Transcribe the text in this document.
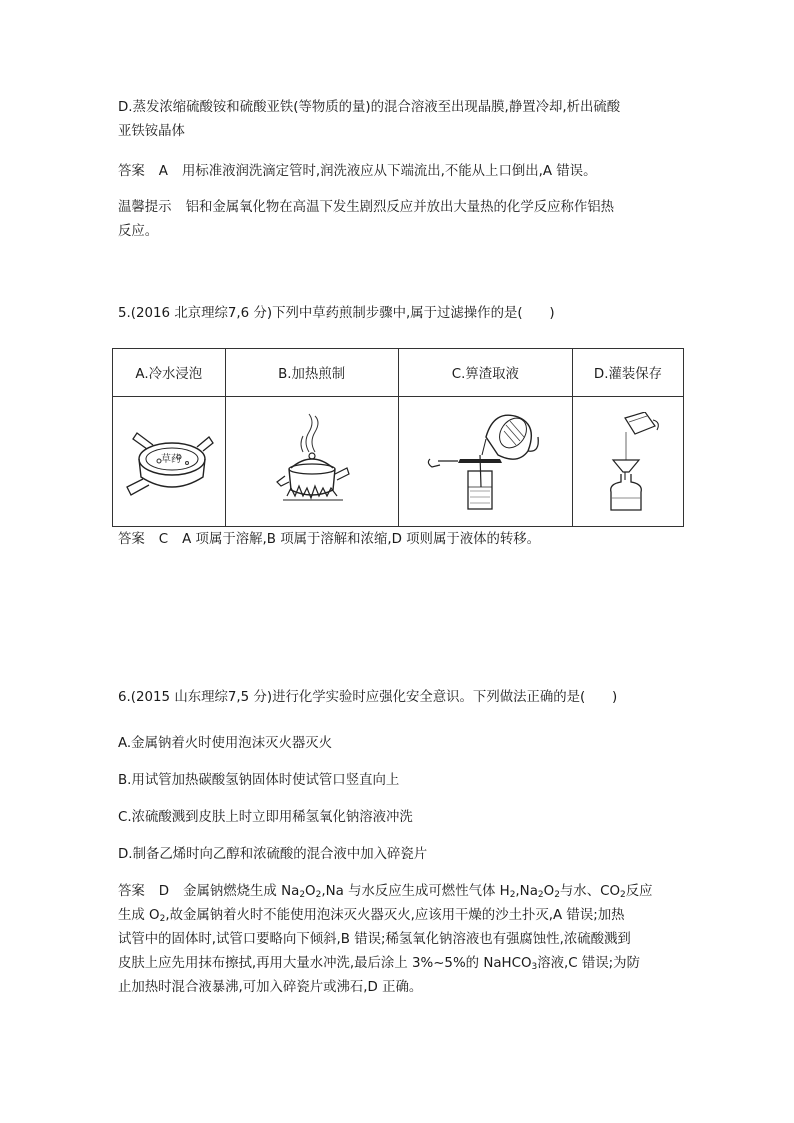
D.蒸发浓缩硫酸铵和硫酸亚铁(等物质的量)的混合溶液至出现晶膜,静置冷却,析出硫酸
亚铁铵晶体

答案 A 用标准液润洗滴定管时,润洗液应从下端流出,不能从上口倒出,A 错误。

温馨提示 铝和金属氧化物在高温下发生剧烈反应并放出大量热的化学反应称作铝热
反应。

5.(2016 北京理综7,6 分)下列中草药煎制步骤中,属于过滤操作的是(　　)

A.冷水浸泡	B.加热煎制	C.箅渣取液	D.灌装保存

草药

答案 C A 项属于溶解,B 项属于溶解和浓缩,D 项则属于液体的转移。

6.(2015 山东理综7,5 分)进行化学实验时应强化安全意识。下列做法正确的是(　　)

A.金属钠着火时使用泡沫灭火器灭火

B.用试管加热碳酸氢钠固体时使试管口竖直向上

C.浓硫酸溅到皮肤上时立即用稀氢氧化钠溶液冲洗

D.制备乙烯时向乙醇和浓硫酸的混合液中加入碎瓷片

答案 D 金属钠燃烧生成 $Na_2O_2,Na$ 与水反应生成可燃性气体 $H_2,Na_2O_2$与水、$CO_2$反应
生成 $O_2$,故金属钠着火时不能使用泡沫灭火器灭火,应该用干燥的沙土扑灭,A 错误;加热
试管中的固体时,试管口要略向下倾斜,B 错误;稀氢氧化钠溶液也有强腐蚀性,浓硫酸溅到
皮肤上应先用抹布擦拭,再用大量水冲洗,最后涂上 3%~5%的 NaHCO$_3$溶液,C 错误;为防
止加热时混合液暴沸,可加入碎瓷片或沸石,D 正确。
